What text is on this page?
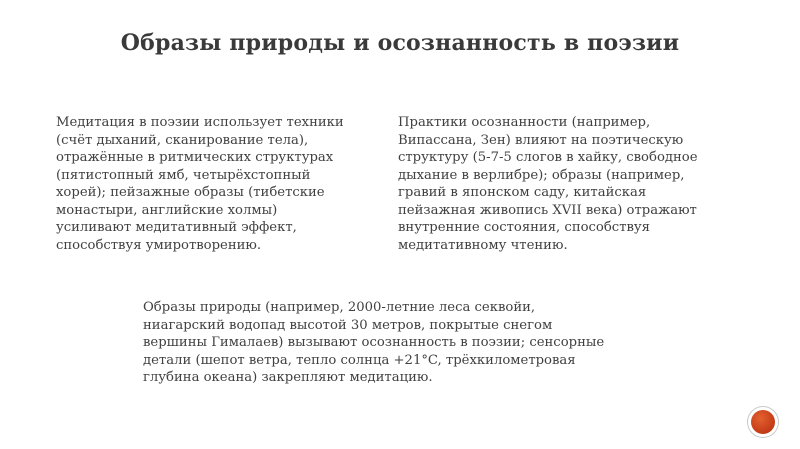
Образы природы и осознанность в поэзии
Медитация в поэзии использует техники
(счёт дыханий, сканирование тела),
отражённые в ритмических структурах
(пятистопный ямб, четырёхстопный
хорей); пейзажные образы (тибетские
монастыри, английские холмы)
усиливают медитативный эффект,
способствуя умиротворению.
Практики осознанности (например,
Випассана, Зен) влияют на поэтическую
структуру (5-7-5 слогов в хайку, свободное
дыхание в верлибре); образы (например,
гравий в японском саду, китайская
пейзажная живопись XVII века) отражают
внутренние состояния, способствуя
медитативному чтению.
Образы природы (например, 2000-летние леса секвойи,
ниагарский водопад высотой 30 метров, покрытые снегом
вершины Гималаев) вызывают осознанность в поэзии; сенсорные
детали (шепот ветра, тепло солнца +21°C, трёхкилометровая
глубина океана) закрепляют медитацию.
